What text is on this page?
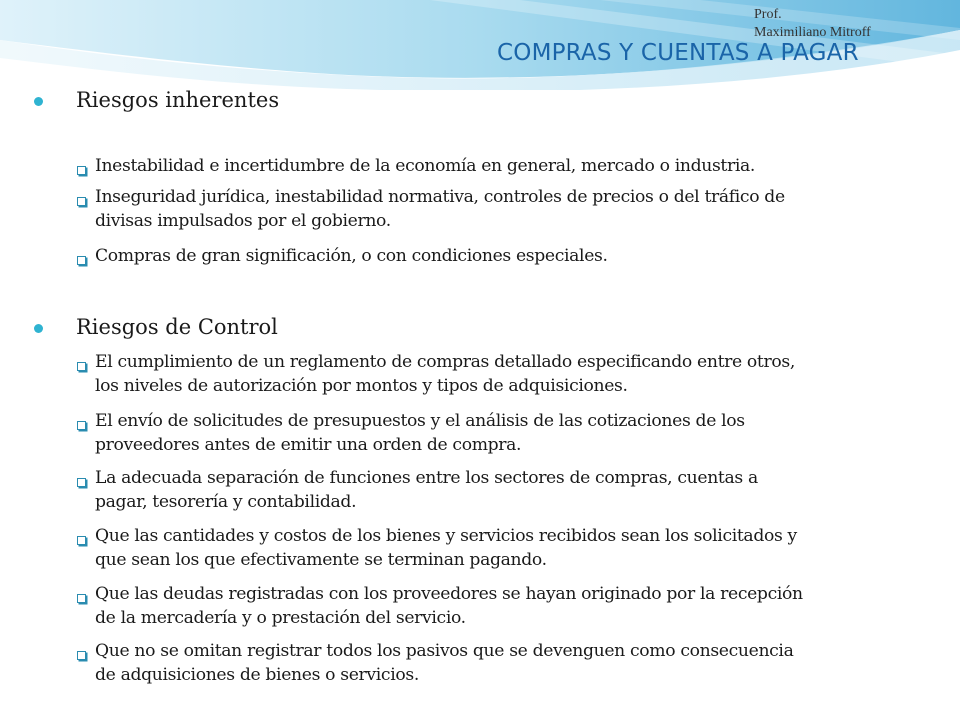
Prof.
Maximiliano Mitroff
COMPRAS Y CUENTAS A PAGAR
Riesgos inherentes
Inestabilidad e incertidumbre de la economía en general, mercado o industria.
Inseguridad jurídica, inestabilidad normativa, controles de precios o del tráfico de
divisas impulsados por el gobierno.
Compras de gran significación, o con condiciones especiales.
Riesgos de Control
El cumplimiento de un reglamento de compras detallado especificando entre otros,
los niveles de autorización por montos y tipos de adquisiciones.
El envío de solicitudes de presupuestos y el análisis de las cotizaciones de los
proveedores antes de emitir una orden de compra.
La adecuada separación de funciones entre los sectores de compras, cuentas a
pagar, tesorería y contabilidad.
Que las cantidades y costos de los bienes y servicios recibidos sean los solicitados y
que sean los que efectivamente se terminan pagando.
Que las deudas registradas con los proveedores se hayan originado por la recepción
de la mercadería y o prestación del servicio.
Que no se omitan registrar todos los pasivos que se devenguen como consecuencia
de adquisiciones de bienes o servicios.
